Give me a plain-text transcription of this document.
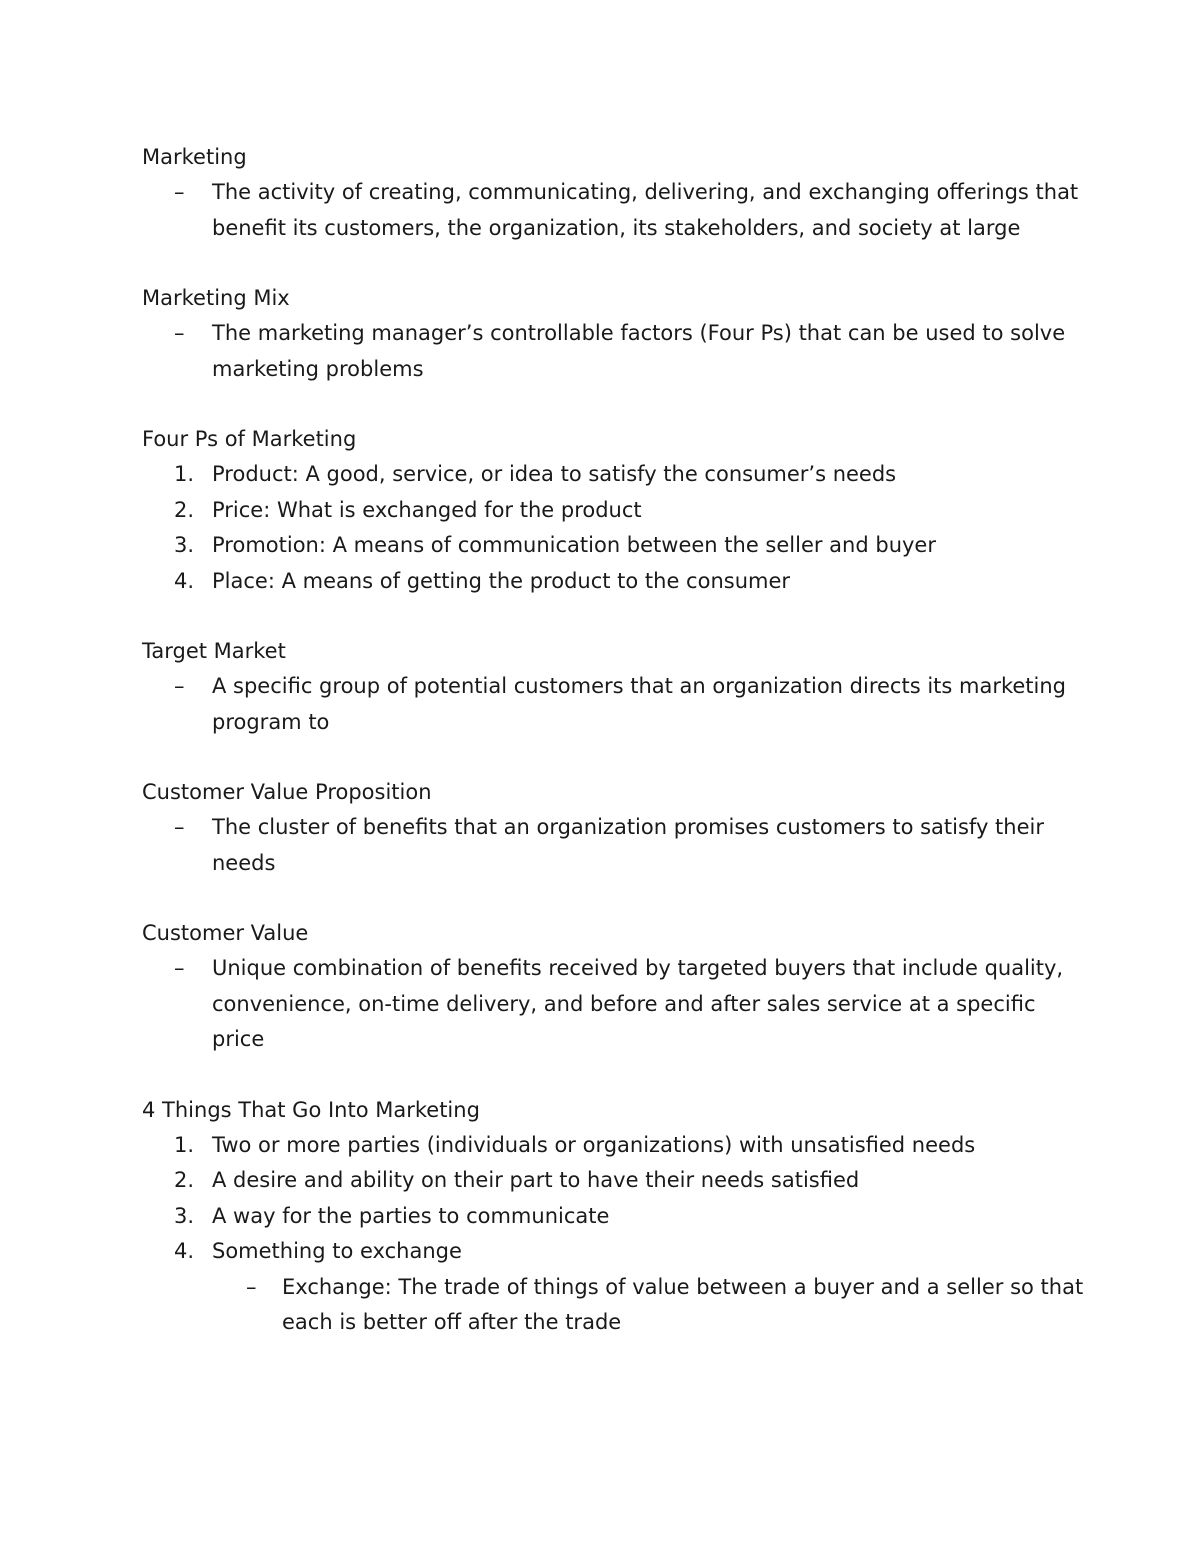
Marketing

–	The activity of creating, communicating, delivering, and exchanging offerings that benefit its customers, the organization, its stakeholders, and society at large

Marketing Mix

–	The marketing manager’s controllable factors (Four Ps) that can be used to solve marketing problems

Four Ps of Marketing

1. Product: A good, service, or idea to satisfy the consumer’s needs
2. Price: What is exchanged for the product
3. Promotion: A means of communication between the seller and buyer
4. Place: A means of getting the product to the consumer

Target Market

–	A specific group of potential customers that an organization directs its marketing program to

Customer Value Proposition

–	The cluster of benefits that an organization promises customers to satisfy their needs

Customer Value

–	Unique combination of benefits received by targeted buyers that include quality, convenience, on-time delivery, and before and after sales service at a specific price

4 Things That Go Into Marketing

1. Two or more parties (individuals or organizations) with unsatisfied needs
2. A desire and ability on their part to have their needs satisfied
3. A way for the parties to communicate
4. Something to exchange
–	Exchange: The trade of things of value between a buyer and a seller so that each is better off after the trade
